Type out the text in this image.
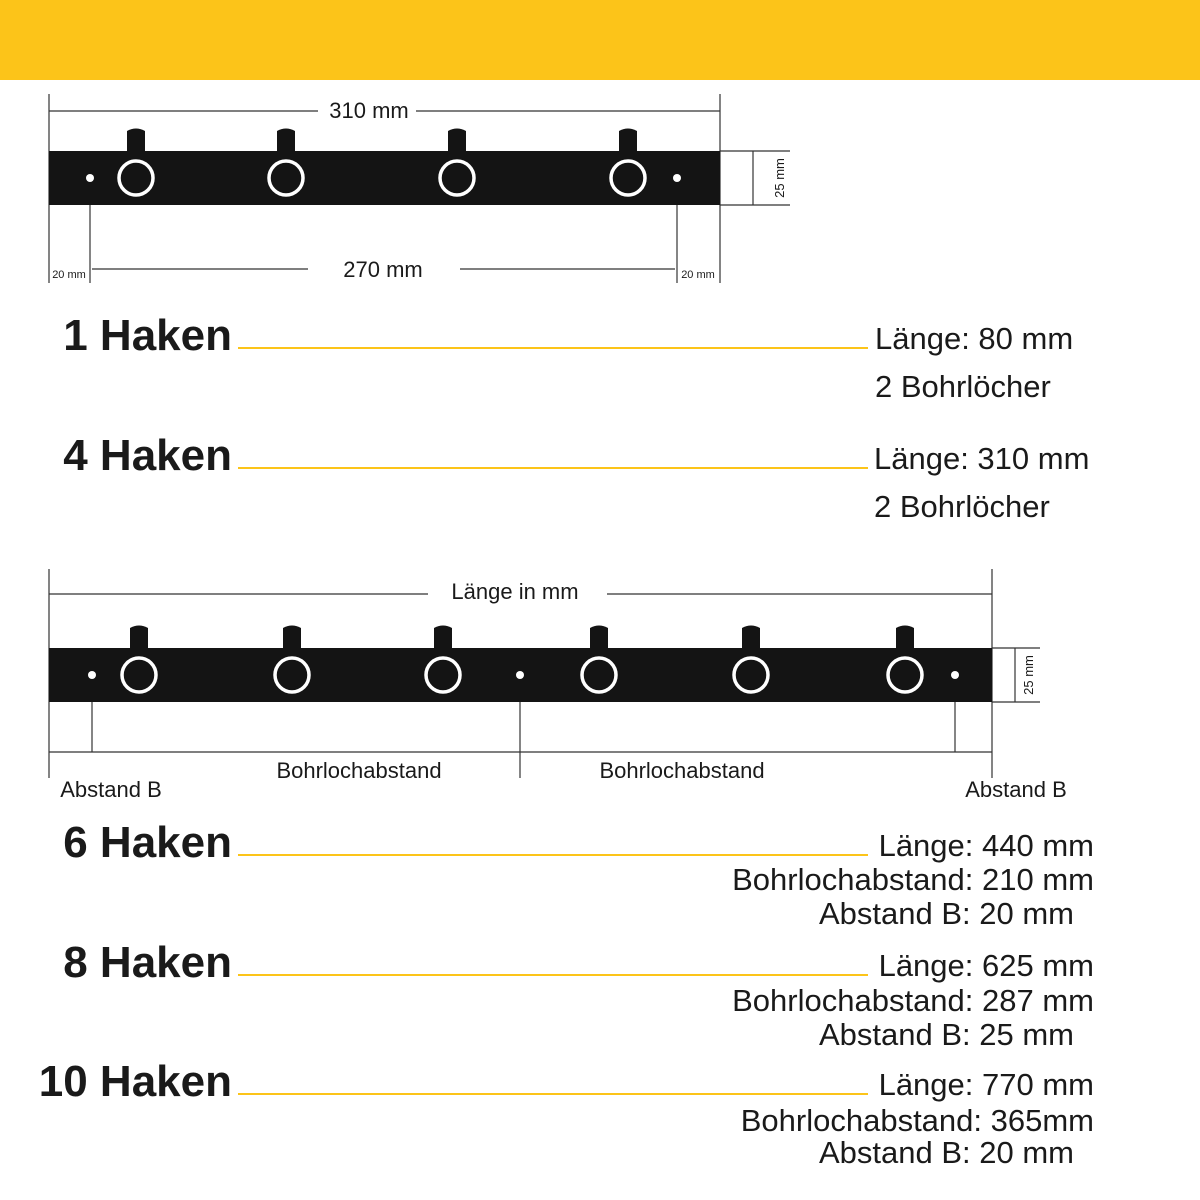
310 mm
25 mm
270 mm
20 mm	20 mm
Länge in mm
25 mm
Bohrlochabstand	Bohrlochabstand
Abstand B	Abstand B
1 Haken	Länge: 80 mm
2 Bohrlöcher
4 Haken	Länge: 310 mm
2 Bohrlöcher
6 Haken	Länge: 440 mm
Bohrlochabstand: 210 mm
Abstand B: 20 mm
8 Haken	Länge: 625 mm
Bohrlochabstand: 287 mm
Abstand B: 25 mm
10 Haken	Länge: 770 mm
Bohrlochabstand: 365mm
Abstand B: 20 mm
